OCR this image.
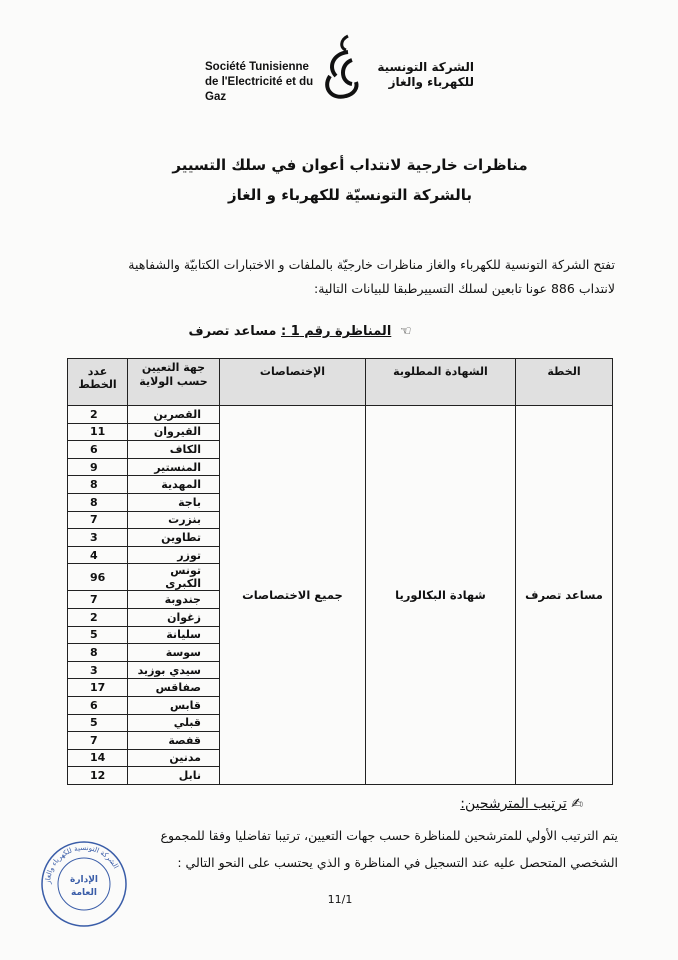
Société Tunisienne
de l'Electricité et du Gaz
الشركة التونسية
للكهرباء والغاز
مناظرات خارجية لانتداب أعوان في سلك التسيير
بالشركة التونسيّة للكهرباء و الغاز
تفتح الشركة التونسية للكهرباء والغاز مناظرات خارجيّة بالملفات و الاختبارات الكتابيّة والشفاهية
لانتداب 886 عونا تابعين لسلك التسييرطبقا للبيانات التالية:
☜ المناظرة رقم 1 : مساعد تصرف
الخطة	الشهادة المطلوبة	الإختصاصات	جهة التعيين حسب الولاية	عدد الخطط
مساعد تصرف	شهادة البكالوريا	جميع الاختصاصات	القصرين	2
			القيروان	11
			الكاف	6
			المنستير	9
			المهدية	8
			باجة	8
			بنزرت	7
			تطاوين	3
			توزر	4
			تونس الكبرى	96
			جندوبة	7
			زغوان	2
			سليانة	5
			سوسة	8
			سيدي بوزيد	3
			صفاقس	17
			قابس	6
			قبلي	5
			قفصة	7
			مدنين	14
			نابل	12
✍ ترتيب المترشحين:
يتم الترتيب الأولي للمترشحين للمناظرة حسب جهات التعيين، ترتيبا تفاضليا وفقا للمجموع
الشخصي المتحصل عليه عند التسجيل في المناظرة و الذي يحتسب على النحو التالي :
الشركة التونسية للكهرباء والغاز
الإدارة
العامة	11/1
